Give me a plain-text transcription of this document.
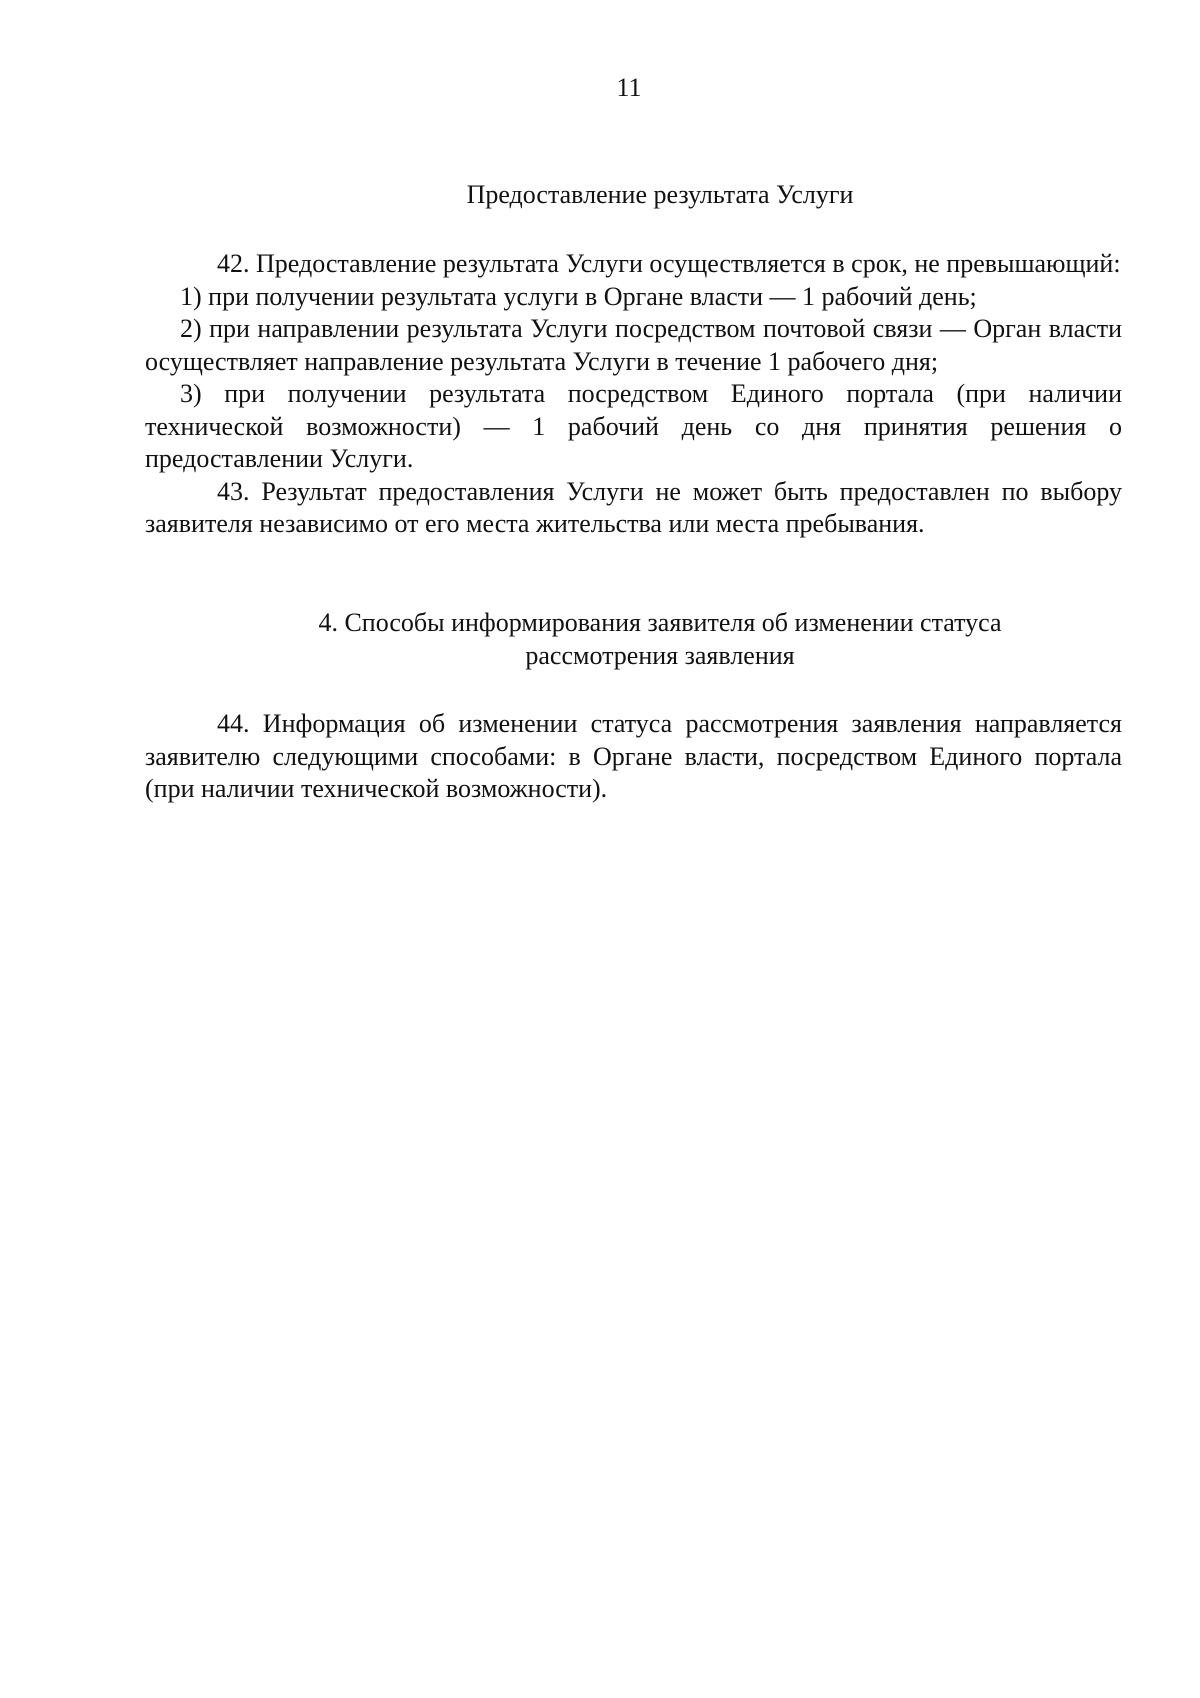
11
Предоставление результата Услуги

42. Предоставление результата Услуги осуществляется в срок, не превышающий:

1) при получении результата услуги в Органе власти — 1 рабочий день;

2) при направлении результата Услуги посредством почтовой связи — Орган власти осуществляет направление результата Услуги в течение 1 рабочего дня;

3) при получении результата посредством Единого портала (при наличии технической возможности) — 1 рабочий день со дня принятия решения о предоставлении Услуги.

43. Результат предоставления Услуги не может быть предоставлен по выбору заявителя независимо от его места жительства или места пребывания.

4. Способы информирования заявителя об изменении статуса
рассмотрения заявления

44. Информация об изменении статуса рассмотрения заявления направляется заявителю следующими способами: в Органе власти, посредством Единого портала (при наличии технической возможности).
